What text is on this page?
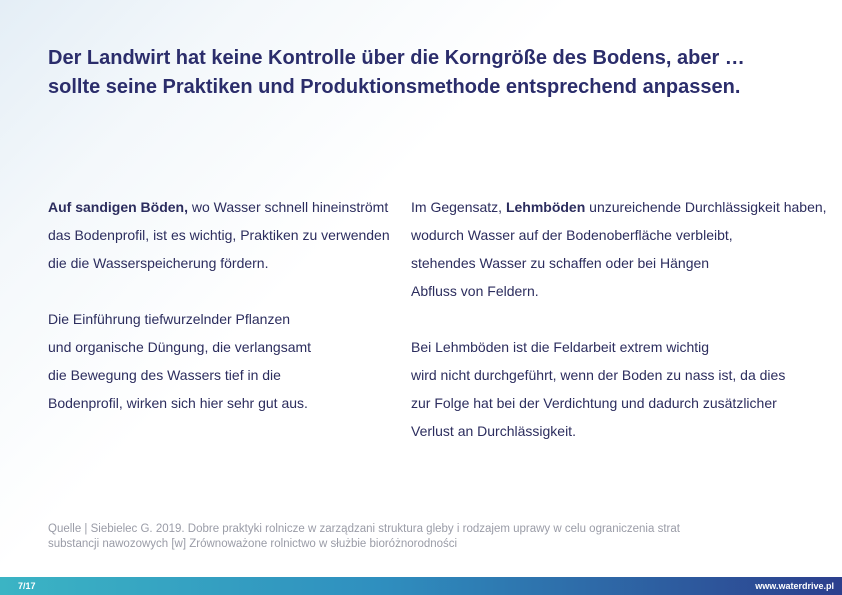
Der Landwirt hat keine Kontrolle über die Korngröße des Bodens, aber …
sollte seine Praktiken und Produktionsmethode entsprechend anpassen.
Auf sandigen Böden, wo Wasser schnell hineinströmt
das Bodenprofil, ist es wichtig, Praktiken zu verwenden
die die Wasserspeicherung fördern.
Die Einführung tiefwurzelnder Pflanzen
und organische Düngung, die verlangsamt
die Bewegung des Wassers tief in die
Bodenprofil, wirken sich hier sehr gut aus.
Im Gegensatz, Lehmböden unzureichende Durchlässigkeit haben,
wodurch Wasser auf der Bodenoberfläche verbleibt,
stehendes Wasser zu schaffen oder bei Hängen
Abfluss von Feldern.
Bei Lehmböden ist die Feldarbeit extrem wichtig
wird nicht durchgeführt, wenn der Boden zu nass ist, da dies
zur Folge hat bei der Verdichtung und dadurch zusätzlicher
Verlust an Durchlässigkeit.
Quelle | Siebielec G. 2019. Dobre praktyki rolnicze w zarządzani struktura gleby i rodzajem uprawy w celu ograniczenia strat
substancji nawozowych [w] Zrównoważone rolnictwo w służbie bioróżnorodności
7/17	www.waterdrive.pl
